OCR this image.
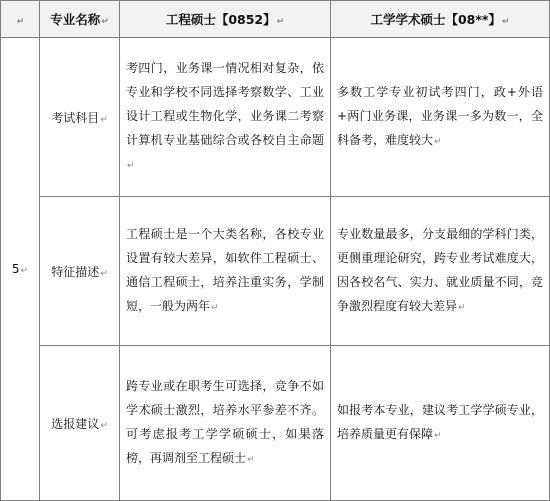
↵	专业名称↵	工程硕士【0852】↵	工学学术硕士【08**】↵
5↵	考试科目↵	考四门，业务课一情况相对复杂，依专业和学校不同选择考察数学、工业设计工程或生物化学，业务课二考察计算机专业基础综合或各校自主命题↵	多数工学专业初试考四门，政+外语+两门业务课，业务课一多为数一，全科备考，难度较大↵
	特征描述↵	工程硕士是一个大类名称，各校专业设置有较大差异，如软件工程硕士、通信工程硕士，培养注重实务，学制短，一般为两年↵	专业数量最多，分支最细的学科门类，更侧重理论研究，跨专业考试难度大，因各校名气、实力、就业质量不同，竞争激烈程度有较大差异↵
	选报建议↵	跨专业或在职考生可选择，竞争不如学术硕士激烈，培养水平参差不齐。可考虑报考工学学硕硕士，如果落榜，再调剂至工程硕士↵	如报考本专业，建议考工学学硕专业，培养质量更有保障↵
